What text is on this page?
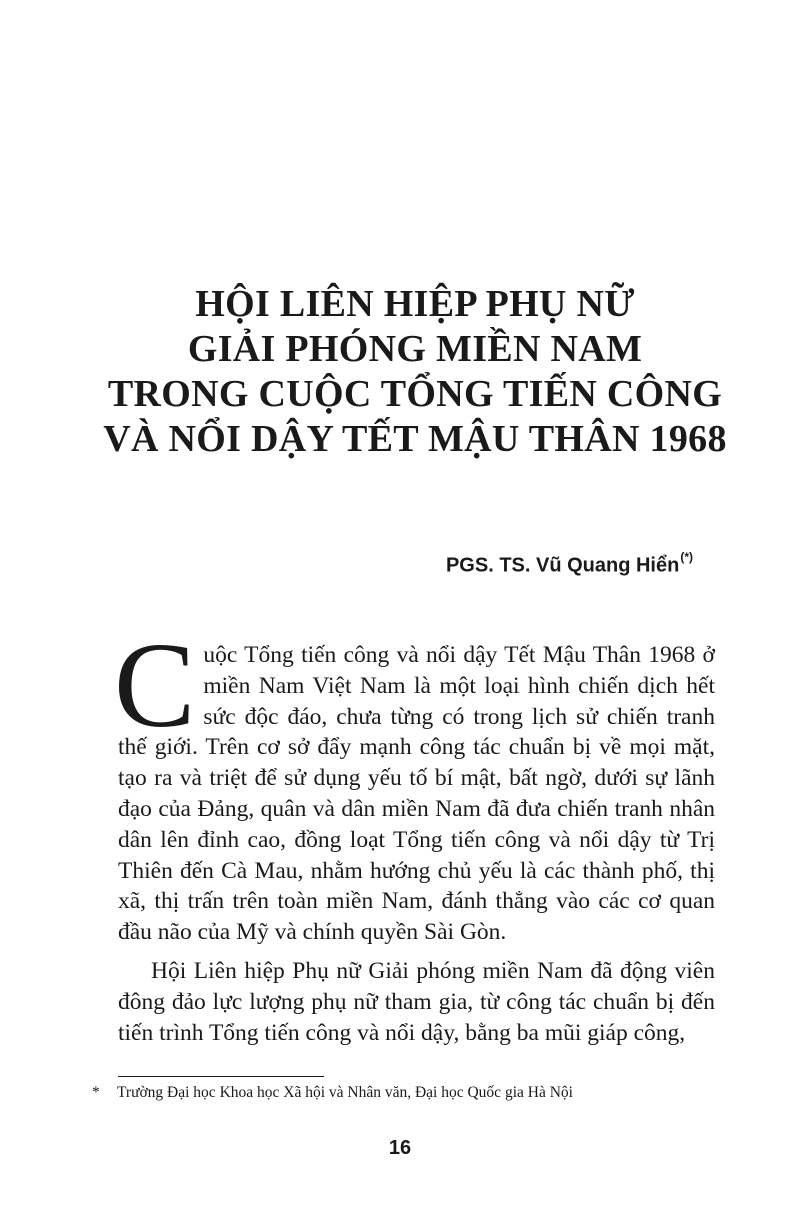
HỘI LIÊN HIỆP PHỤ NỮ
GIẢI PHÓNG MIỀN NAM
TRONG CUỘC TỔNG TIẾN CÔNG
VÀ NỔI DẬY TẾT MẬU THÂN 1968
PGS. TS. Vũ Quang Hiển(*)

Cuộc Tổng tiến công và nổi dậy Tết Mậu Thân 1968 ở miền Nam Việt Nam là một loại hình chiến dịch hết sức độc đáo, chưa từng có trong lịch sử chiến tranh thế giới. Trên cơ sở đẩy mạnh công tác chuẩn bị về mọi mặt, tạo ra và triệt để sử dụng yếu tố bí mật, bất ngờ, dưới sự lãnh đạo của Đảng, quân và dân miền Nam đã đưa chiến tranh nhân dân lên đỉnh cao, đồng loạt Tổng tiến công và nổi dậy từ Trị Thiên đến Cà Mau, nhằm hướng chủ yếu là các thành phố, thị xã, thị trấn trên toàn miền Nam, đánh thẳng vào các cơ quan đầu não của Mỹ và chính quyền Sài Gòn.

Hội Liên hiệp Phụ nữ Giải phóng miền Nam đã động viên đông đảo lực lượng phụ nữ tham gia, từ công tác chuẩn bị đến tiến trình Tổng tiến công và nổi dậy, bằng ba mũi giáp công,

* Trường Đại học Khoa học Xã hội và Nhân văn, Đại học Quốc gia Hà Nội
16
